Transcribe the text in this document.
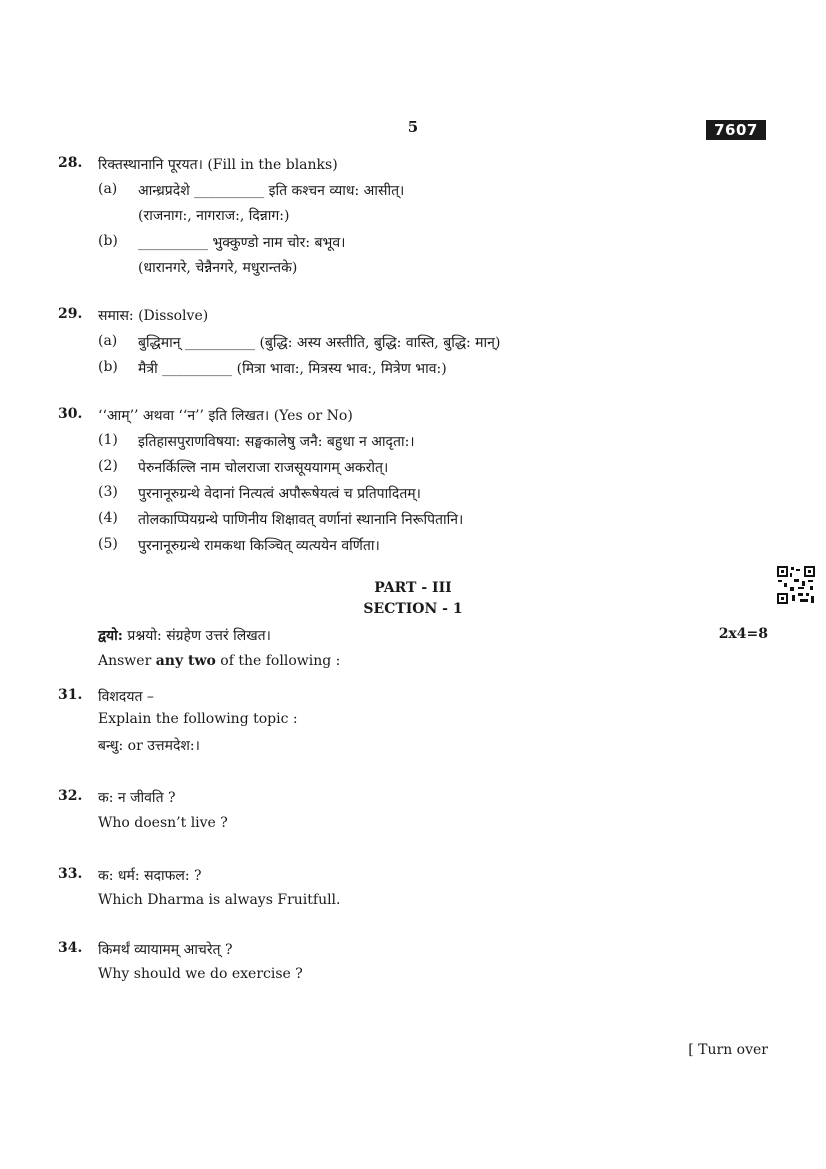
5	7607
28. रिक्तस्थानानि पूरयत। (Fill in the blanks)
(a) आन्ध्रप्रदेशे __________ इति कश्चन व्याध: आसीत्।
(राजनाग:, नागराज:, दिन्नाग:)
(b) __________ भुक्कुण्डो नाम चोर: बभूव।
(धारानगरे, चेन्नैनगरे, मधुरान्तके)
29. समास: (Dissolve)
(a) बुद्धिमान् __________ (बुद्धि: अस्य अस्तीति, बुद्धि: वास्ति, बुद्धि: मान्)
(b) मैत्री __________ (मित्रा भावा:, मित्रस्य भाव:, मित्रेण भाव:)
30. ‘‘आम्’’ अथवा ‘‘न’’ इति लिखत। (Yes or No)
(1) इतिहासपुराणविषया: सङ्घकालेषु जनै: बहुधा न आदृता:।
(2) पेरुनर्किल्लि नाम चोलराजा राजसूययागम् अकरोत्।
(3) पुरनानूरुग्रन्थे वेदानां नित्यत्वं अपौरूषेयत्वं च प्रतिपादितम्।
(4) तोलकाप्पियग्रन्थे पाणिनीय शिक्षावत् वर्णानां स्थानानि निरूपितानि।
(5) पुरनानूरुग्रन्थे रामकथा किञ्चित् व्यत्ययेन वर्णिता।
PART - III
SECTION - 1
द्वयो: प्रश्नयो: संग्रहेण उत्तरं लिखत।	2x4=8
Answer any two of the following :
31. विशदयत –
Explain the following topic :
बन्धु: or उत्तमदेश:।
32. क: न जीवति ?
Who doesn’t live ?
33. क: धर्म: सदाफल: ?
Which Dharma is always Fruitfull.
34. किमर्थं व्यायामम् आचरेत् ?
Why should we do exercise ?
[ Turn over
